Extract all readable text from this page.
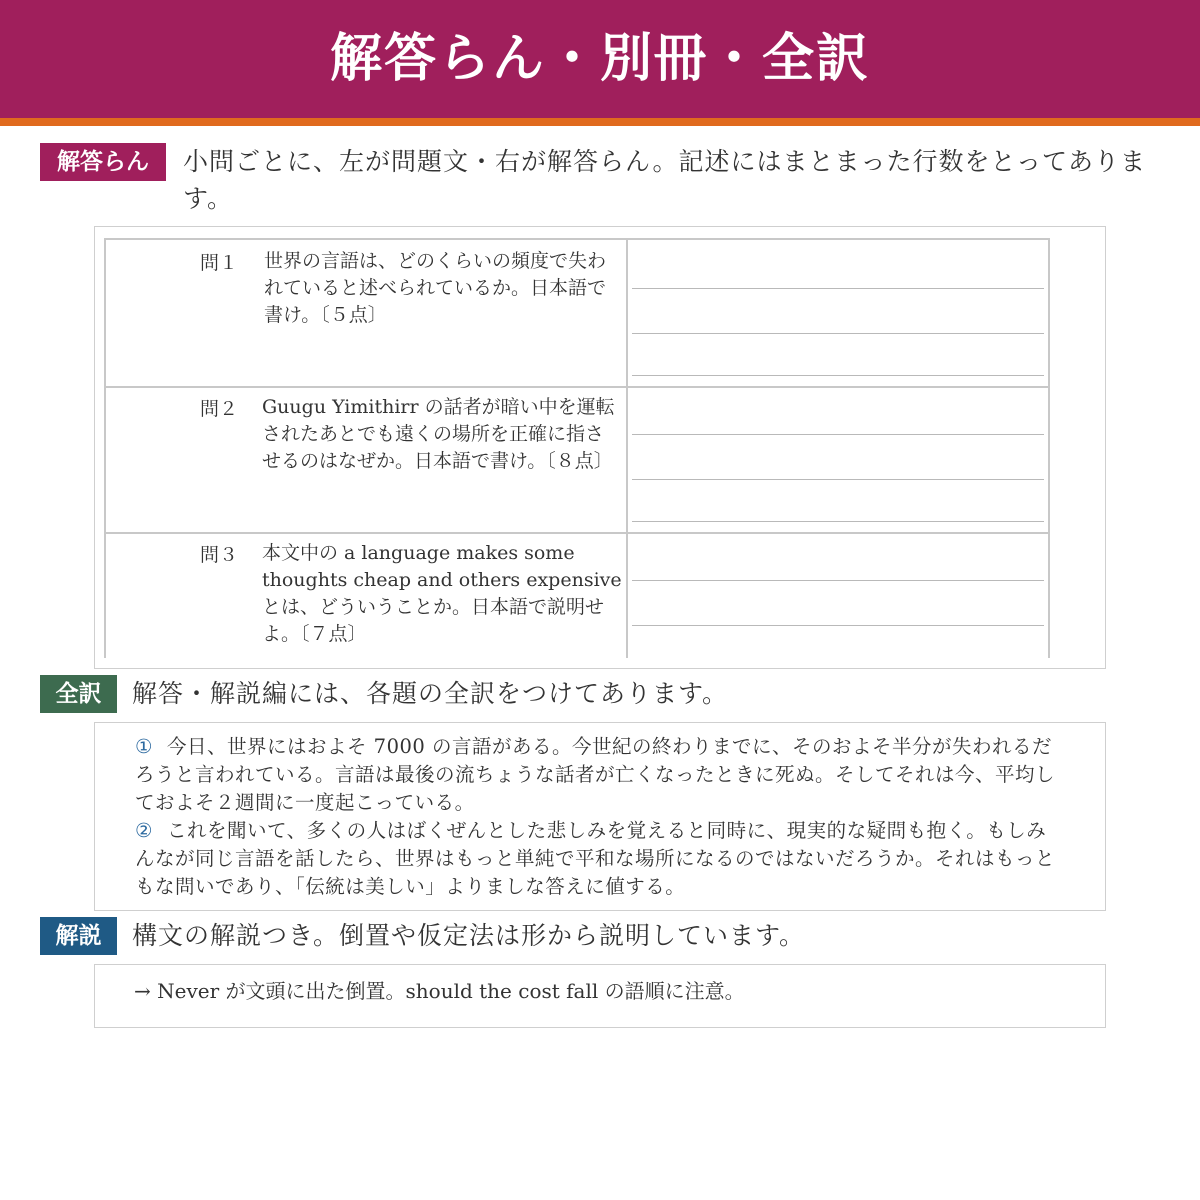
解答らん・別冊・全訳
解答らん	小問ごとに、左が問題文・右が解答らん。記述にはまとまった行数をとってあります。
問１ 世界の言語は、どのくらいの頻度で失われていると述べられているか。日本語で書け。〔５点〕
問２ Guugu Yimithirr の話者が暗い中を運転されたあとでも遠くの場所を正確に指させるのはなぜか。日本語で書け。〔８点〕
問３ 本文中の a language makes some thoughts cheap and others expensive とは、どういうことか。日本語で説明せよ。〔７点〕
全訳	解答・解説編には、各題の全訳をつけてあります。
① 今日、世界にはおよそ 7000 の言語がある。今世紀の終わりまでに、そのおよそ半分が失われるだろうと言われている。言語は最後の流ちょうな話者が亡くなったときに死ぬ。そしてそれは今、平均しておよそ２週間に一度起こっている。
② これを聞いて、多くの人はばくぜんとした悲しみを覚えると同時に、現実的な疑問も抱く。もしみんなが同じ言語を話したら、世界はもっと単純で平和な場所になるのではないだろうか。それはもっともな問いであり、「伝統は美しい」よりましな答えに値する。
解説	構文の解説つき。倒置や仮定法は形から説明しています。
→ Never が文頭に出た倒置。should the cost fall の語順に注意。
